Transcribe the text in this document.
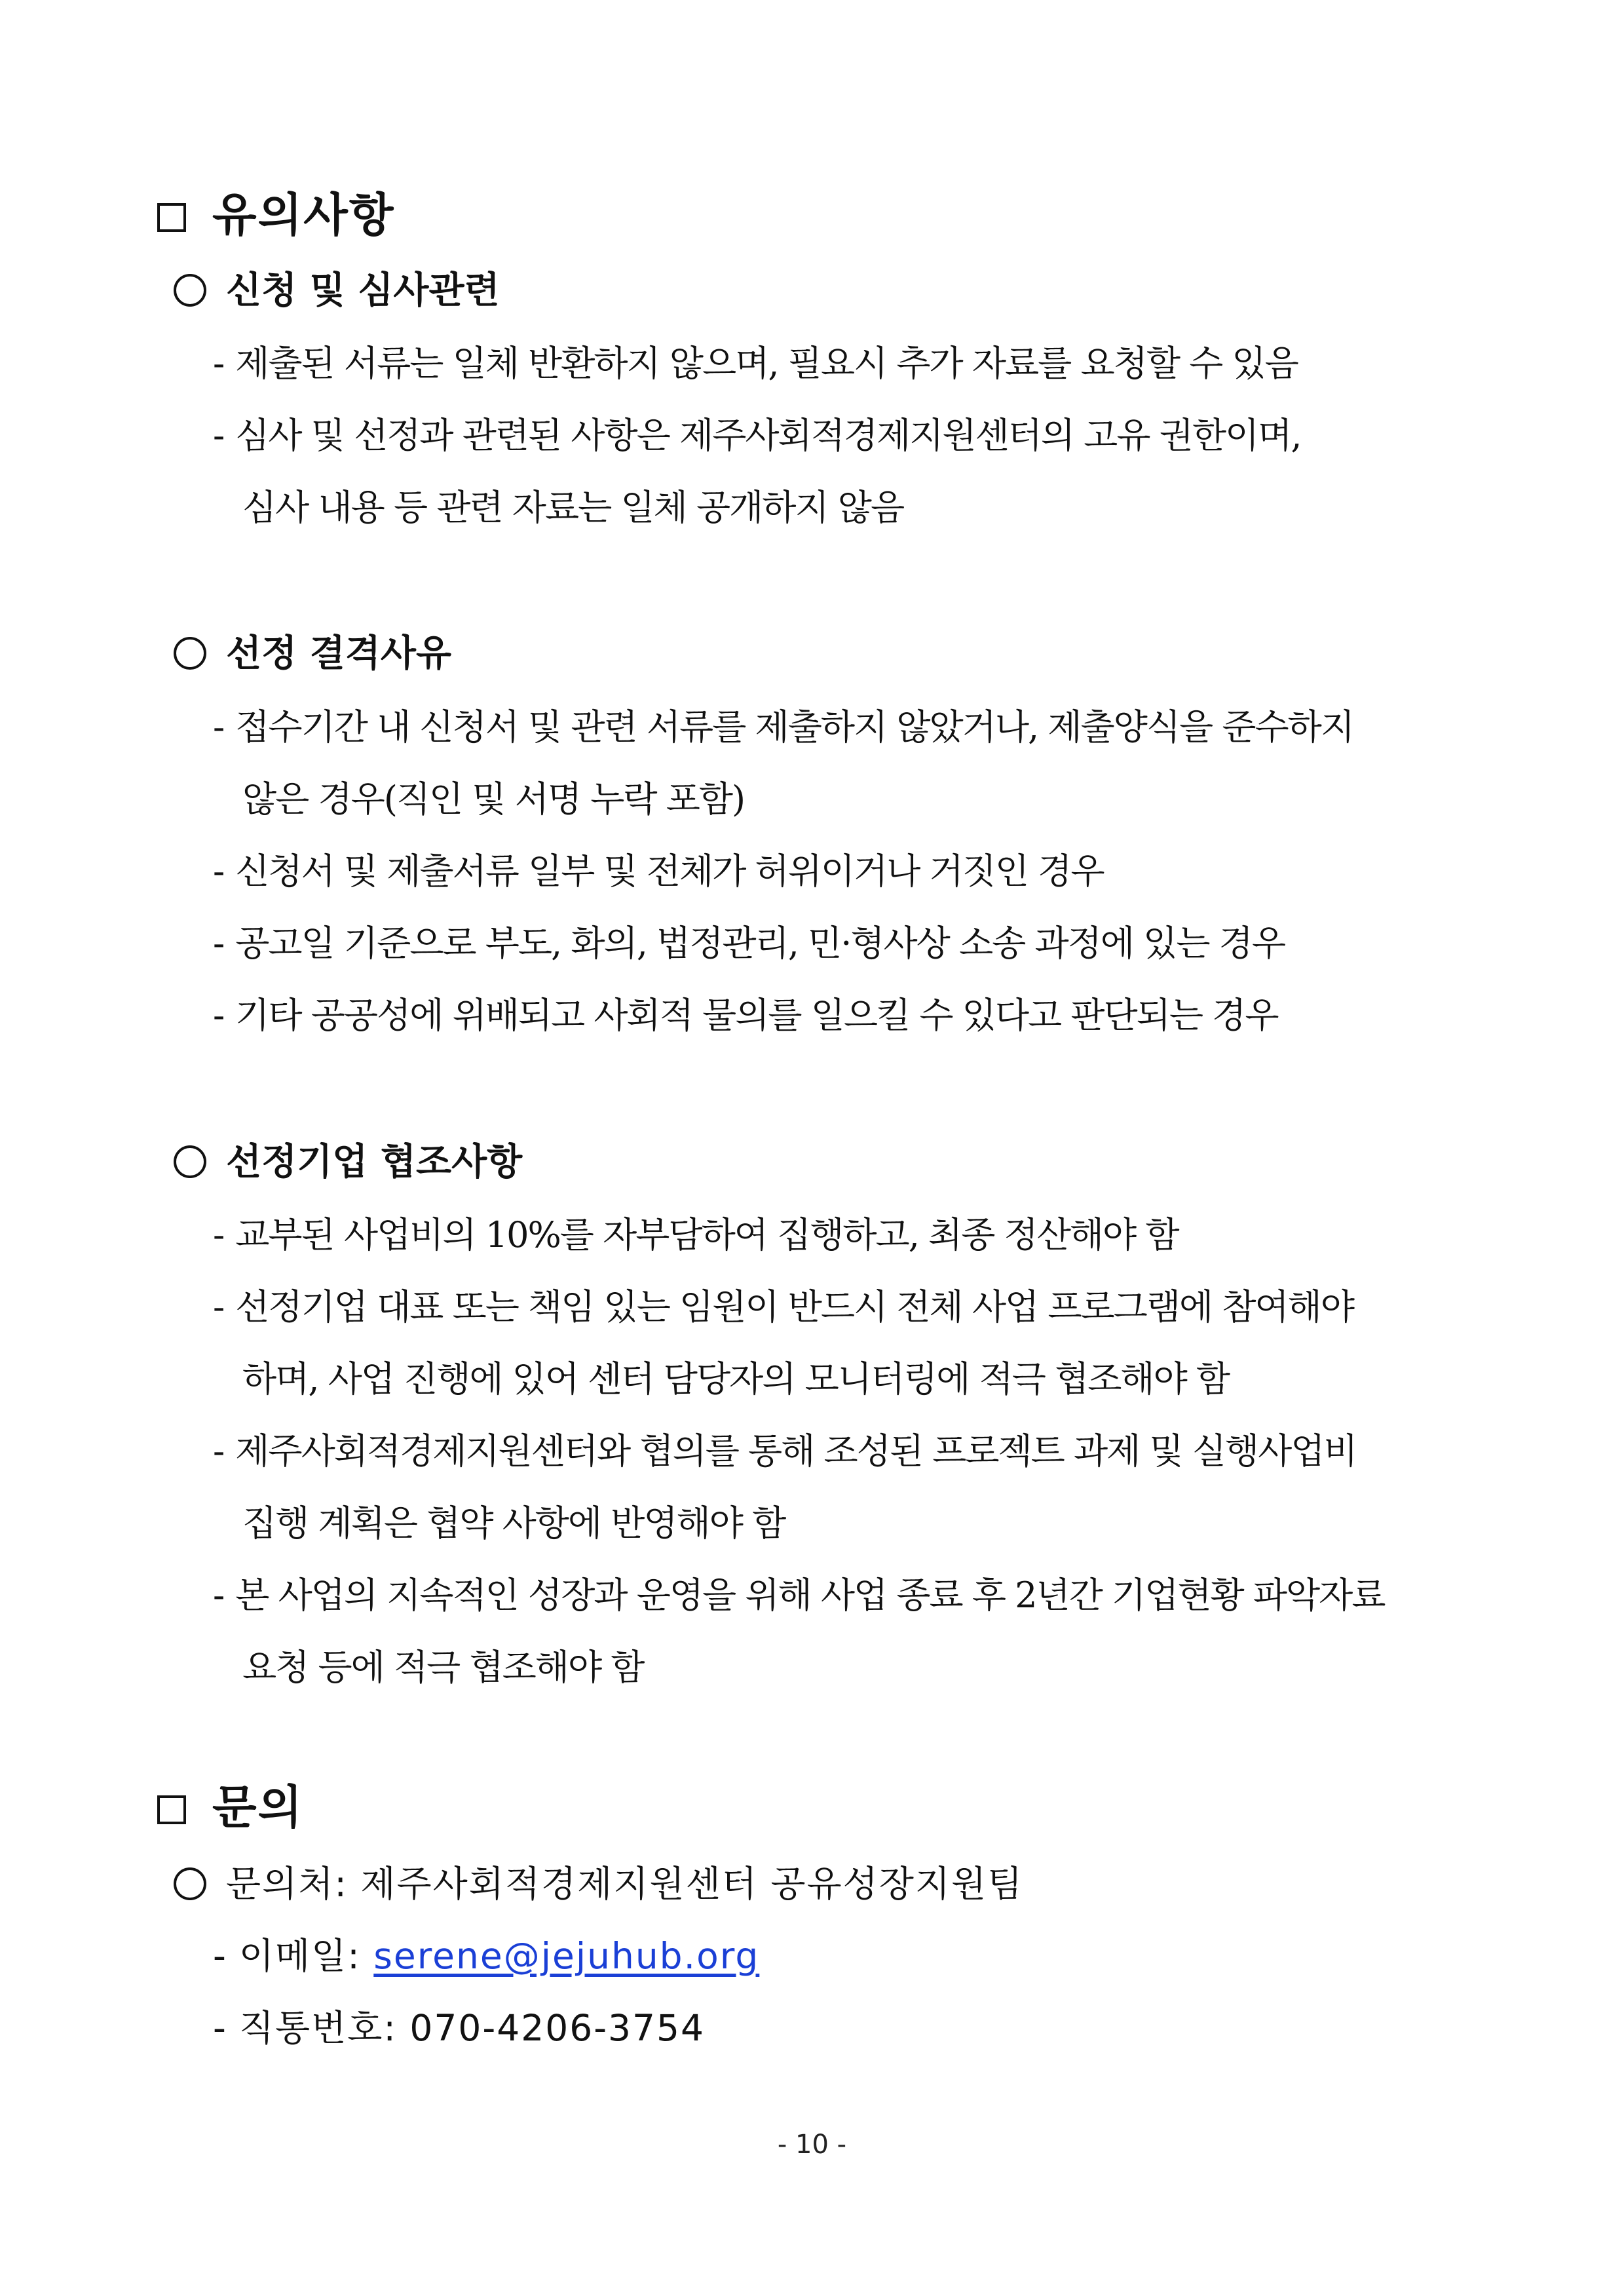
유의사항
신청 및 심사관련
- 제출된 서류는 일체 반환하지 않으며, 필요시 추가 자료를 요청할 수 있음
- 심사 및 선정과 관련된 사항은 제주사회적경제지원센터의 고유 권한이며,
심사 내용 등 관련 자료는 일체 공개하지 않음
선정 결격사유
- 접수기간 내 신청서 및 관련 서류를 제출하지 않았거나, 제출양식을 준수하지
않은 경우(직인 및 서명 누락 포함)
- 신청서 및 제출서류 일부 및 전체가 허위이거나 거짓인 경우
- 공고일 기준으로 부도, 화의, 법정관리, 민·형사상 소송 과정에 있는 경우
- 기타 공공성에 위배되고 사회적 물의를 일으킬 수 있다고 판단되는 경우
선정기업 협조사항
- 교부된 사업비의 10%를 자부담하여 집행하고, 최종 정산해야 함
- 선정기업 대표 또는 책임 있는 임원이 반드시 전체 사업 프로그램에 참여해야
하며, 사업 진행에 있어 센터 담당자의 모니터링에 적극 협조해야 함
- 제주사회적경제지원센터와 협의를 통해 조성된 프로젝트 과제 및 실행사업비
집행 계획은 협약 사항에 반영해야 함
- 본 사업의 지속적인 성장과 운영을 위해 사업 종료 후 2년간 기업현황 파악자료
요청 등에 적극 협조해야 함
문의
문의처: 제주사회적경제지원센터 공유성장지원팀
- 이메일: serene@jejuhub.org
- 직통번호: 070-4206-3754
- 10 -
